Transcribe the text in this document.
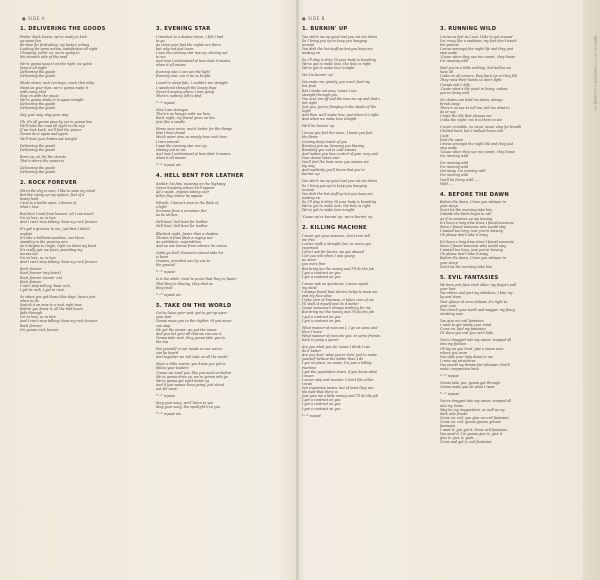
● SIDE A	● SIDE B
1. DELIVERING THE GOODS
Feelin' Rock lovers, we're ready to kick
up some fun
Be time for festivaling, my body's aching
Looking for some action, satisfaction all right
Charging, rollin' on, we're going to
the seventh side of the road
We're gonna keep it on the right, we gotta
keep it all night
Delivering the goods
Delivering the goods
Shake down, rock ten boys, crack that whip
Hand on your hips, we're gonna make it
with every shot
Stay on with the music
We're gonna shake it in again tonight
Delivering the goods
Delivering the goods
Hey you! way, stay your way
Oh, it's all gonna pass by, we're gonna live
We'll take the road all night to the top
If we look back, we'll feel the power
Gonna do it again and again
We'll beat your brains out tonight
Delivering the goods
Delivering the goods
Burn up, oh, hit the streets
That's where the power is
Delivering the goods
Delivering the goods
2. ROCK FOREVER
When the day is over, I like to ease my mind
But like swing up my system, feel of a
heavy hold
I aim to a bottle open, I dream of
what I love
But then I said from heaven, oh I can touch
I'm in love, so in love
And I can't stop talking 'bout my rock forever
It's got a groovin' to me, just that I didn't
explain
It's like a brilliant sunshine, out there
standing in the pouring rain
As it begins to tingle, right on down my back
It's really got me fever, pounding my
nerves too
I'm in love, so in love
And I can't stop talking 'bout my rock forever
Rock forever
Rock forever (my heart)
Rock forever (movin' on)
Rock forever
I can't stop talking 'bout rock,
I got to rock, I got to rock
So when you get those blue days, here's just
when to do
Switch it on now to a rock right now
Before you know it, all the bad hours
fade through
I'm in love, so in love
And I can't stop talking 'bout my rock forever
Rock forever
I'm gonna rock forever
3. EVENING STAR
I traveled to a distant shore, I felt I had
to go
As close your fast the nights are there
but why not just leave
I saw the evening star rise up, shining out
to me
And now I understand at last what it means,
when it all means
Evening star, I can see the light
Evening star, can it be so bright
I used to sleep fate, I couldn't see straight
I wandered through the lonely days
Never knowing where I was going
There's nothing left to find
*---* repeat
Now I am stronger
There's no hunger with me here
Each night, my friend gives no lies
Just like a candle
Home once more, much better for the things
that I have found
Much wiser now, so simply how each time
I turn around
I saw the evening star rise up,
shining out to me
And now I understand at last what it means,
when it all means
*---* repeat etc.
4. HELL BENT FOR LEATHER
Seekin' his fate, weaving on the highway
Never knowing where he'll appear
All a weak, engines taking over
Killer flay, where he appear
Wheels, I haven't seen in the flash of
a light
Screams from a screamer fire
as he strikes
Hell bent, hell bent for leather
Hell bent, hell bent for leather
Blackest night, faster than a shadow
Throws it from flash a raging sun
An exhibition, superstition
And no one knows from whence he comes
Gotta go Hell, Heaven's cannot take his
is been
Dreams, provided one by one to
the ground
*---* repeat
Is it the while, tried to prove that they're faster
That they're blazing, they died as
they tried
*---* repeat etc.
5. TAKE ON THE WORLD
Got to leave your seat, got to get up upon
your feet
Gonna move you to the rhythm 'til you never
can stop
We got the power, we got the music
And you bet your all that we can use it
Gonna take rock, they gonna take you to
the top
Put yourself in our hands so our voices
can be heard
And together we will take on all the world
Move a little nearer, you know you got to
follow your leaders
'Cause we need you, like you need us before
We're gonna drive ya, we're gonna ride ya
We're gonna get right inside ya
And if you wanna keep going, just shout
out for more
*---* repeat
Sing your song, we'll listen to you
Sing your song, the spotlight's on you
*---* repeat etc.
1. BURNIN' UP
You stitch me up good and you cut me down
So I bring you up to keep you hanging
around
You dish the hot stuff up but you keep me
waiting on
So I'll play it dirty 'til your body is breaking
We've got to make love, the time is right
We've got to make love tonight
Yes I'm burnin' up
You make me greedy, you won't feed my
hot food
But I make out easy 'cause I see
straight through you
You seel 'em off and the tear me up and that's
not right
Just you, you're flunging in the shade of the
night
And then we'll make love, just when it's right
And when we make love tonight
We'll be burnin' up
I know you feel the same, I know you feel
the flame
Coming deep inside of you
Burning you up, keeping you blazing
Breaking you out in cold sweats
And makes you lose control of your very soul
Your desire takes over
You'll feel the heat near, you wonna are
my way
And suddenly you'll know that you're
burnin' up
You stitch me up good and you cut me down
So I bring you up to keep you hanging
around
You dish the hot stuff up but you keep me
waiting on
So I'll play it dirty 'til your body is breaking
We've got to make love, the time is right
We've got to make love tonight
'Cause we're burnin' up, we're burnin' up
2. KILLING MACHINE
I never got your answers, don't ever tell
me free
I never walk a straight line, so never get
surprised
I don't ask for favors, we got abused
I let you win when I was young
as never
you were free
But bring me the money and I'll do the job
I got a contract on you
I got a contract on you
I never ask no questions, I never speak
my mind
I always found that silence helps to keep me
and my face alive
I take care of business, it takes care of me
I'll stalk it myself and do it better
Cause someone's always working for me
But bring me the money and I'll do the job
I got a contract on you
I got a contract on you
What manner of man am I, I go on some and
then I leave
What manner of man are you, to serve friends
back to jump a queen
Are you what you do 'cause I think I can
do it better
Are you doin' what you're doin' just to make
yourself believe the better than I do
I got no place, no name, I'm just a killing
machine
I get the population down, if you know what
I mean
I never stop and wonder, I don't like other
crews
Got expensive tastes, but at least they are
the best that there is
Just give me a little money and I'll do the job
I got a contract on you
I got a contract on you
I got a contract on you
*---* repeat
3. RUNNING WILD
I move as fast as I can, I like to get around
I'm crazy like a madman, my feet don't touch
the ground
I move amongst the night life and they just
step aside
'Cause when they see me comin', they know
I'm running wild
Said you're a little nothing, but bullies we
have all
I take on all comers, they back up or they fall
They raise their hands so don't fight
I laugh and I defy
'Cause what's the point in living, unless
you're living wild
No chains can hold me down, always
break away
There's no use to tell me, tell me what to
do or say
I taste the life that pleases me
I take the night 'cos it is there to see
I never crumble, no more, never stop for breath
I bolted hard, but I walked home and
I just
lend the open
I move amongst the night life and they just
step aside
'Cause when they see me comin', they know
I'm running wild
I'm running wild
I'm running wild
Get away, I'm running wild
I'm running wild
You'll be living wild......
Wild......
4. BEFORE THE DAWN
Before the dawn, I hear you whisper in
your sleep
Don't let the morning take him
Outside the birds begin to call
As if to summon up my leaving
It's been a long time since I found someone
Since I found someone who would stay
I waited too long, now you're leaving
Oh please don't take it away
It's been a long time since I found someone
Since I found someone who would stay
I waited too long, now you're leaving
Oh please don't take it away
Before the dawn, I hear you whisper in
your sleep
Don't let the morning take him
5. EVIL FANTASIES
We burn just face each other, my fingers pull
your hair
You shiver and part my whiskers, I bite my
lip and stare
Your glance at once defiant, it's right to
your core
You clench your teeth and snigger, my fancy
strutting roar
You give me evil fantasies
I want to get inside your mind
Come on, find my fantasies
I'll show you evil you can't hide
You're dragged into my vision, trapped all
into my fashion
Oh lay on you tired, just a vision over
where you were
You slide your lady down to me
I raise my structures
You pound my brains but whimper, that'll
make compassion back
*---* repeat
Gonna take you, gonna get through
Gonna make you do what I want
*---* repeat
You're dragged into my vision, trapped all
into my home
May be my imagination, as well as my
dark side freaks
Come on, evil, you give me evil fantasies
Come on, evil, gonna gimme gimme
fantasies
I want it, you got it, those evil fantasies
You need it, I'm gonna give it, give it
give it, give it, yeah.....
Come and get it, evil fantasies
電気のようなロック音楽の詩は人々の心を揺らす
